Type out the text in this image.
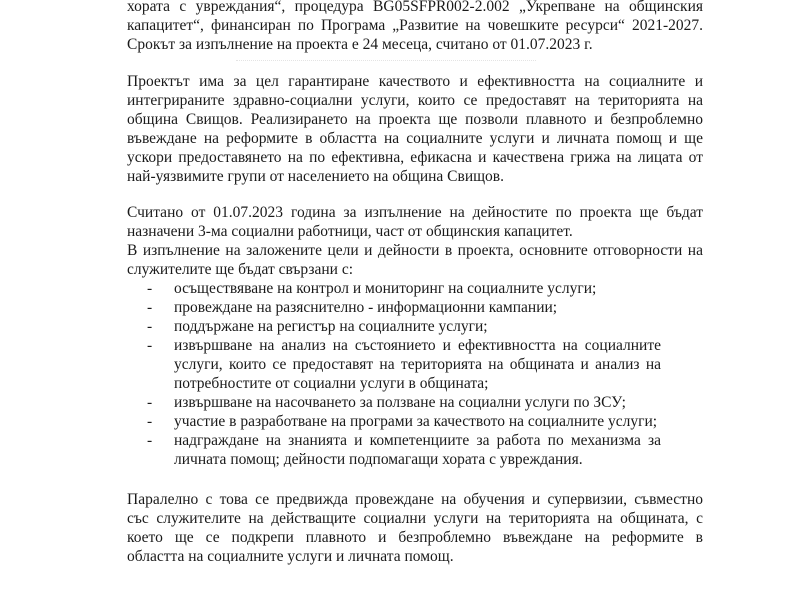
хората с увреждания“, процедура BG05SFPR002-2.002 „Укрепване на общинския
капацитет“, финансиран по Програма „Развитие на човешките ресурси“ 2021-2027.
Срокът за изпълнение на проекта е 24 месеца, считано от 01.07.2023 г.
Проектът има за цел гарантиране качеството и ефективността на социалните и
интегрираните здравно-социални услуги, които се предоставят на територията на
община Свищов. Реализирането на проекта ще позволи плавното и безпроблемно
въвеждане на реформите в областта на социалните услуги и личната помощ и ще
ускори предоставянето на по ефективна, ефикасна и качествена грижа на лицата от
най-уязвимите групи от населението на община Свищов.
Считано от 01.07.2023 година за изпълнение на дейностите по проекта ще бъдат
назначени 3-ма социални работници, част от общинския капацитет.
В изпълнение на заложените цели и дейности в проекта, основните отговорности на
служителите ще бъдат свързани с:
- осъществяване на контрол и мониторинг на социалните услуги;
- провеждане на разяснително - информационни кампании;
- поддържане на регистър на социалните услуги;
- извършване на анализ на състоянието и ефективността на социалните
услуги, които се предоставят на територията на общината и анализ на
потребностите от социални услуги в общината;
- извършване на насочването за ползване на социални услуги по ЗСУ;
- участие в разработване на програми за качеството на социалните услуги;
- надграждане на знанията и компетенциите за работа по механизма за
личната помощ; дейности подпомагащи хората с увреждания.
Паралелно с това се предвижда провеждане на обучения и супервизии, съвместно
със служителите на действащите социални услуги на територията на общината, с
което ще се подкрепи плавното и безпроблемно въвеждане на реформите в
областта на социалните услуги и личната помощ.
